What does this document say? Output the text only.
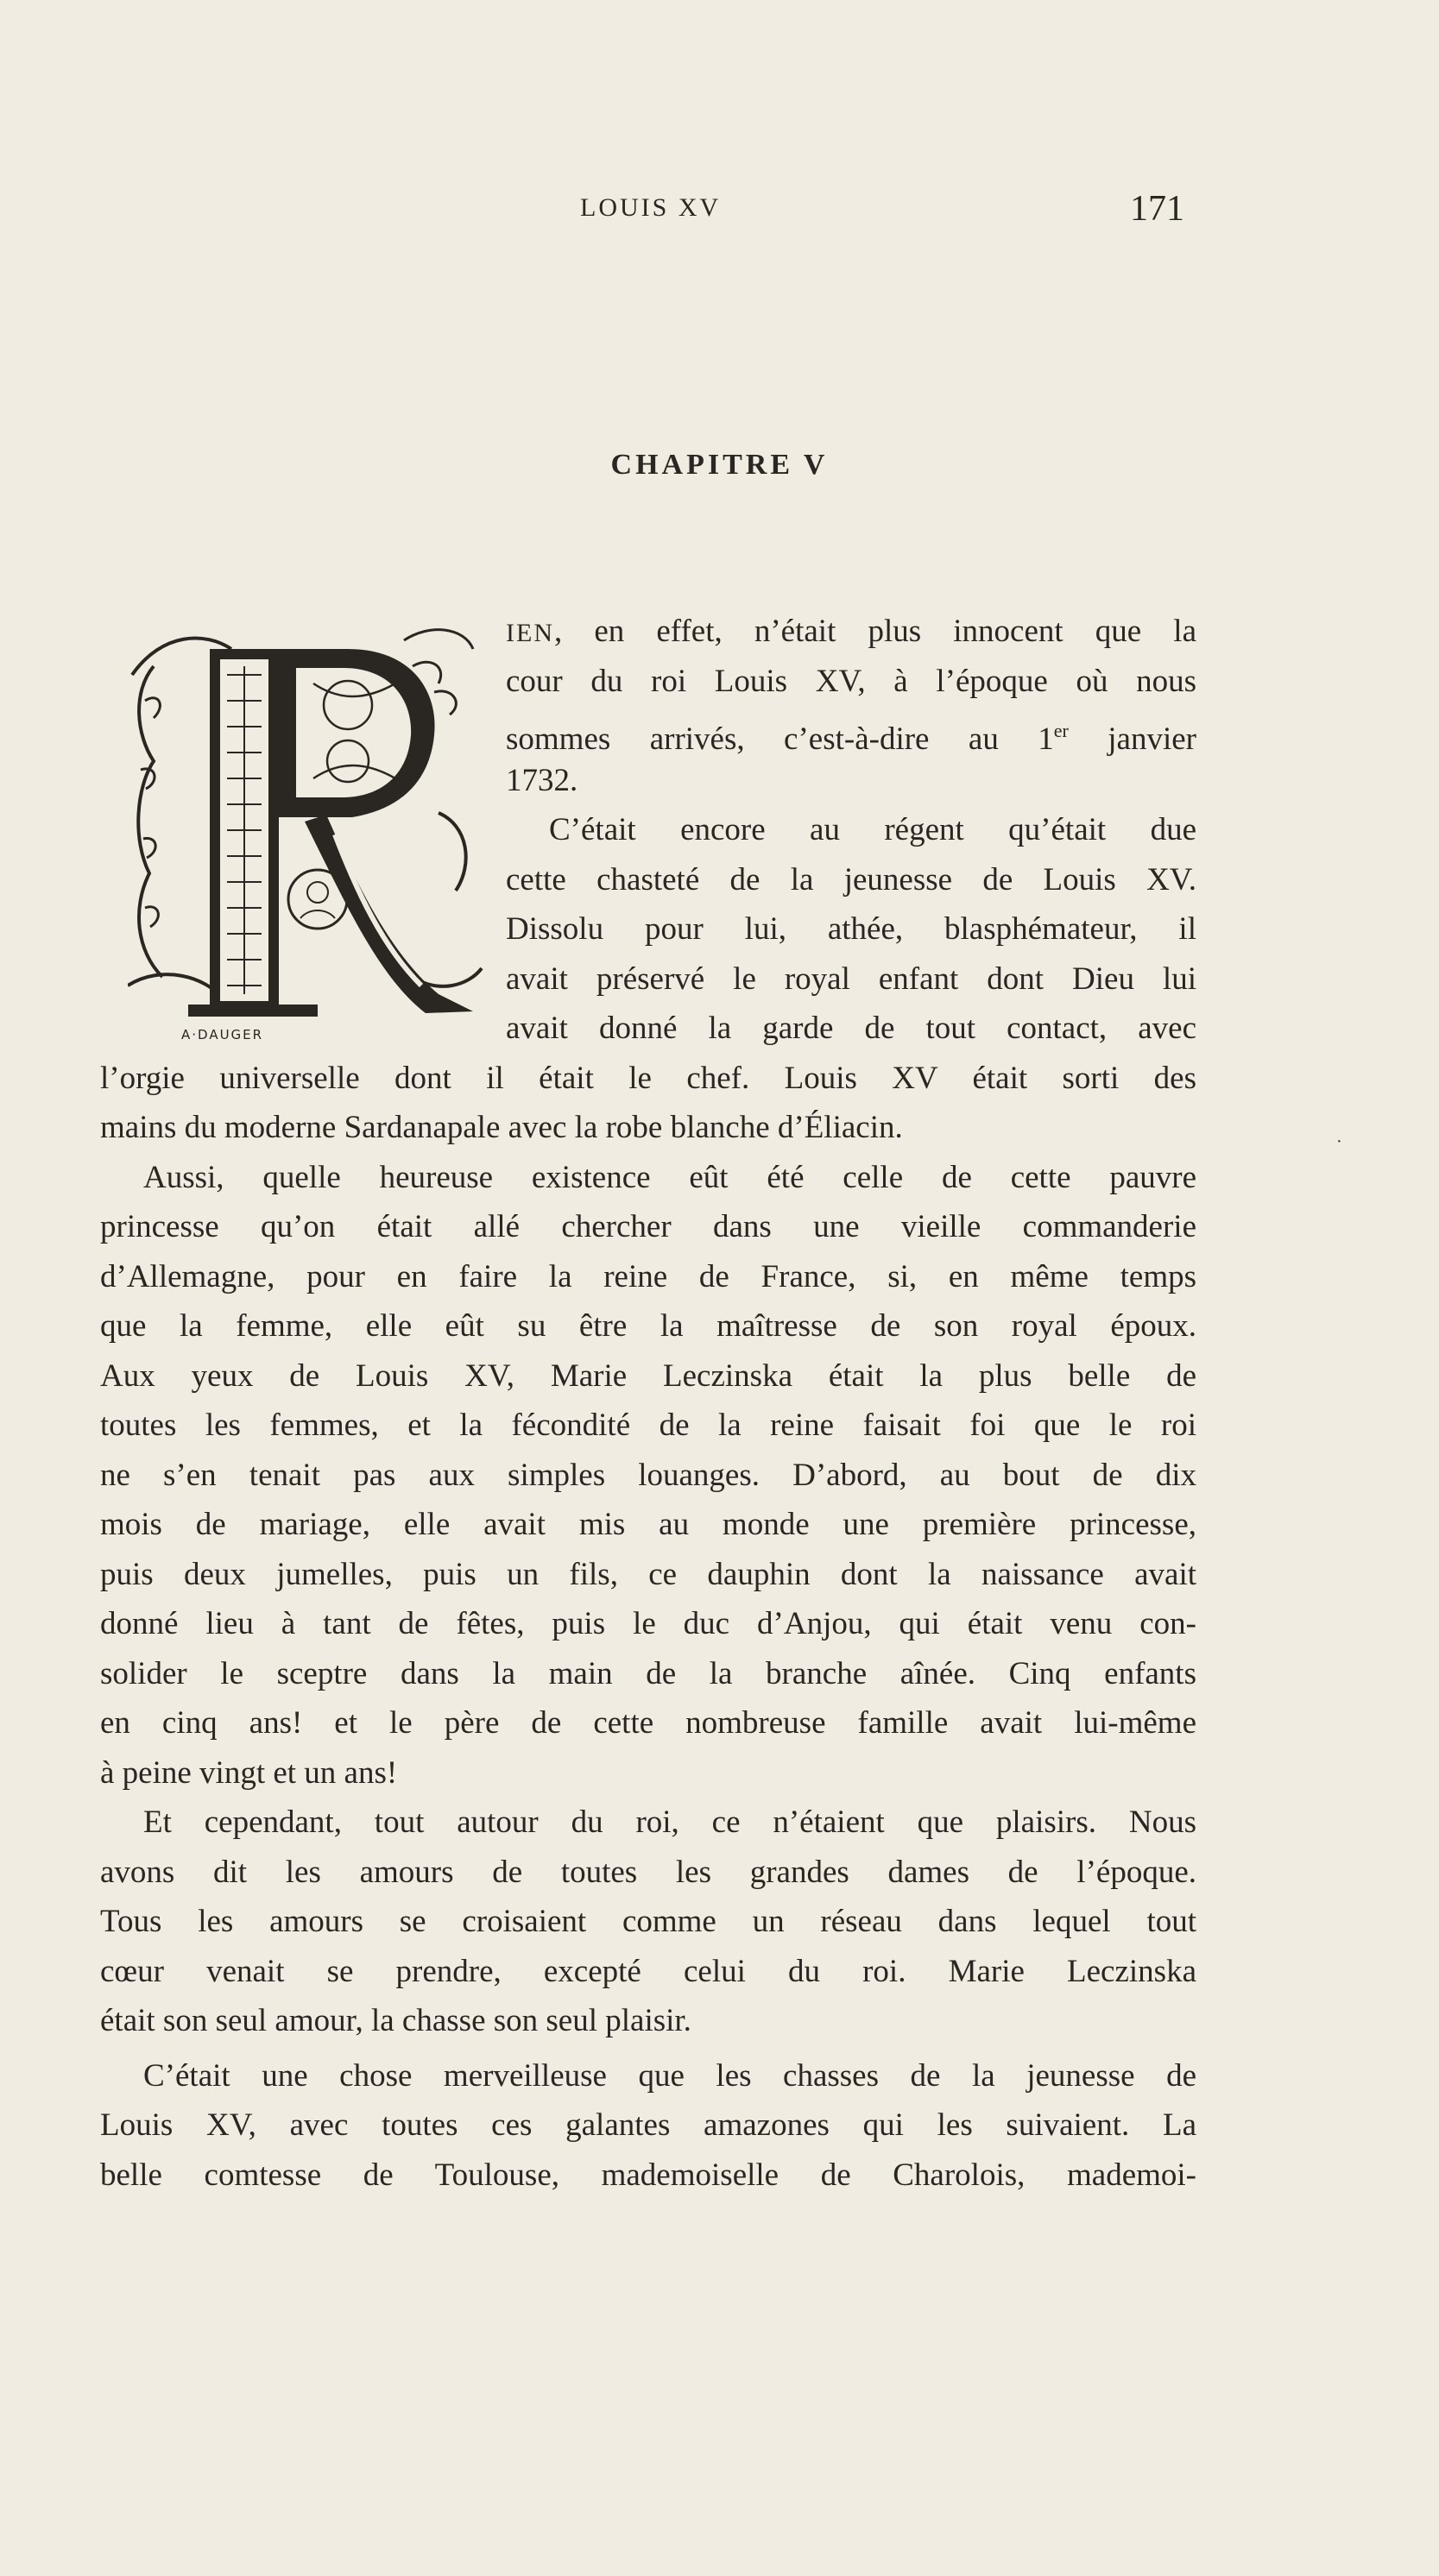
LOUIS XV	171
CHAPITRE V
A·DAUGER
IEN, en effet, n’était plus innocent que la
cour du roi Louis XV, à l’époque où nous
sommes arrivés, c’est-à-dire au 1er janvier
1732.
C’était encore au régent qu’était due
cette chasteté de la jeunesse de Louis XV.
Dissolu pour lui, athée, blasphémateur, il
avait préservé le royal enfant dont Dieu lui
avait donné la garde de tout contact, avec
l’orgie universelle dont il était le chef. Louis XV était sorti des
mains du moderne Sardanapale avec la robe blanche d’Éliacin.
Aussi, quelle heureuse existence eût été celle de cette pauvre
princesse qu’on était allé chercher dans une vieille commanderie
d’Allemagne, pour en faire la reine de France, si, en même temps
que la femme, elle eût su être la maîtresse de son royal époux.
Aux yeux de Louis XV, Marie Leczinska était la plus belle de
toutes les femmes, et la fécondité de la reine faisait foi que le roi
ne s’en tenait pas aux simples louanges. D’abord, au bout de dix
mois de mariage, elle avait mis au monde une première princesse,
puis deux jumelles, puis un fils, ce dauphin dont la naissance avait
donné lieu à tant de fêtes, puis le duc d’Anjou, qui était venu con-
solider le sceptre dans la main de la branche aînée. Cinq enfants
en cinq ans! et le père de cette nombreuse famille avait lui-même
à peine vingt et un ans!
Et cependant, tout autour du roi, ce n’étaient que plaisirs. Nous
avons dit les amours de toutes les grandes dames de l’époque.
Tous les amours se croisaient comme un réseau dans lequel tout
cœur venait se prendre, excepté celui du roi. Marie Leczinska
était son seul amour, la chasse son seul plaisir.
C’était une chose merveilleuse que les chasses de la jeunesse de
Louis XV, avec toutes ces galantes amazones qui les suivaient. La
belle comtesse de Toulouse, mademoiselle de Charolois, mademoi-
·
